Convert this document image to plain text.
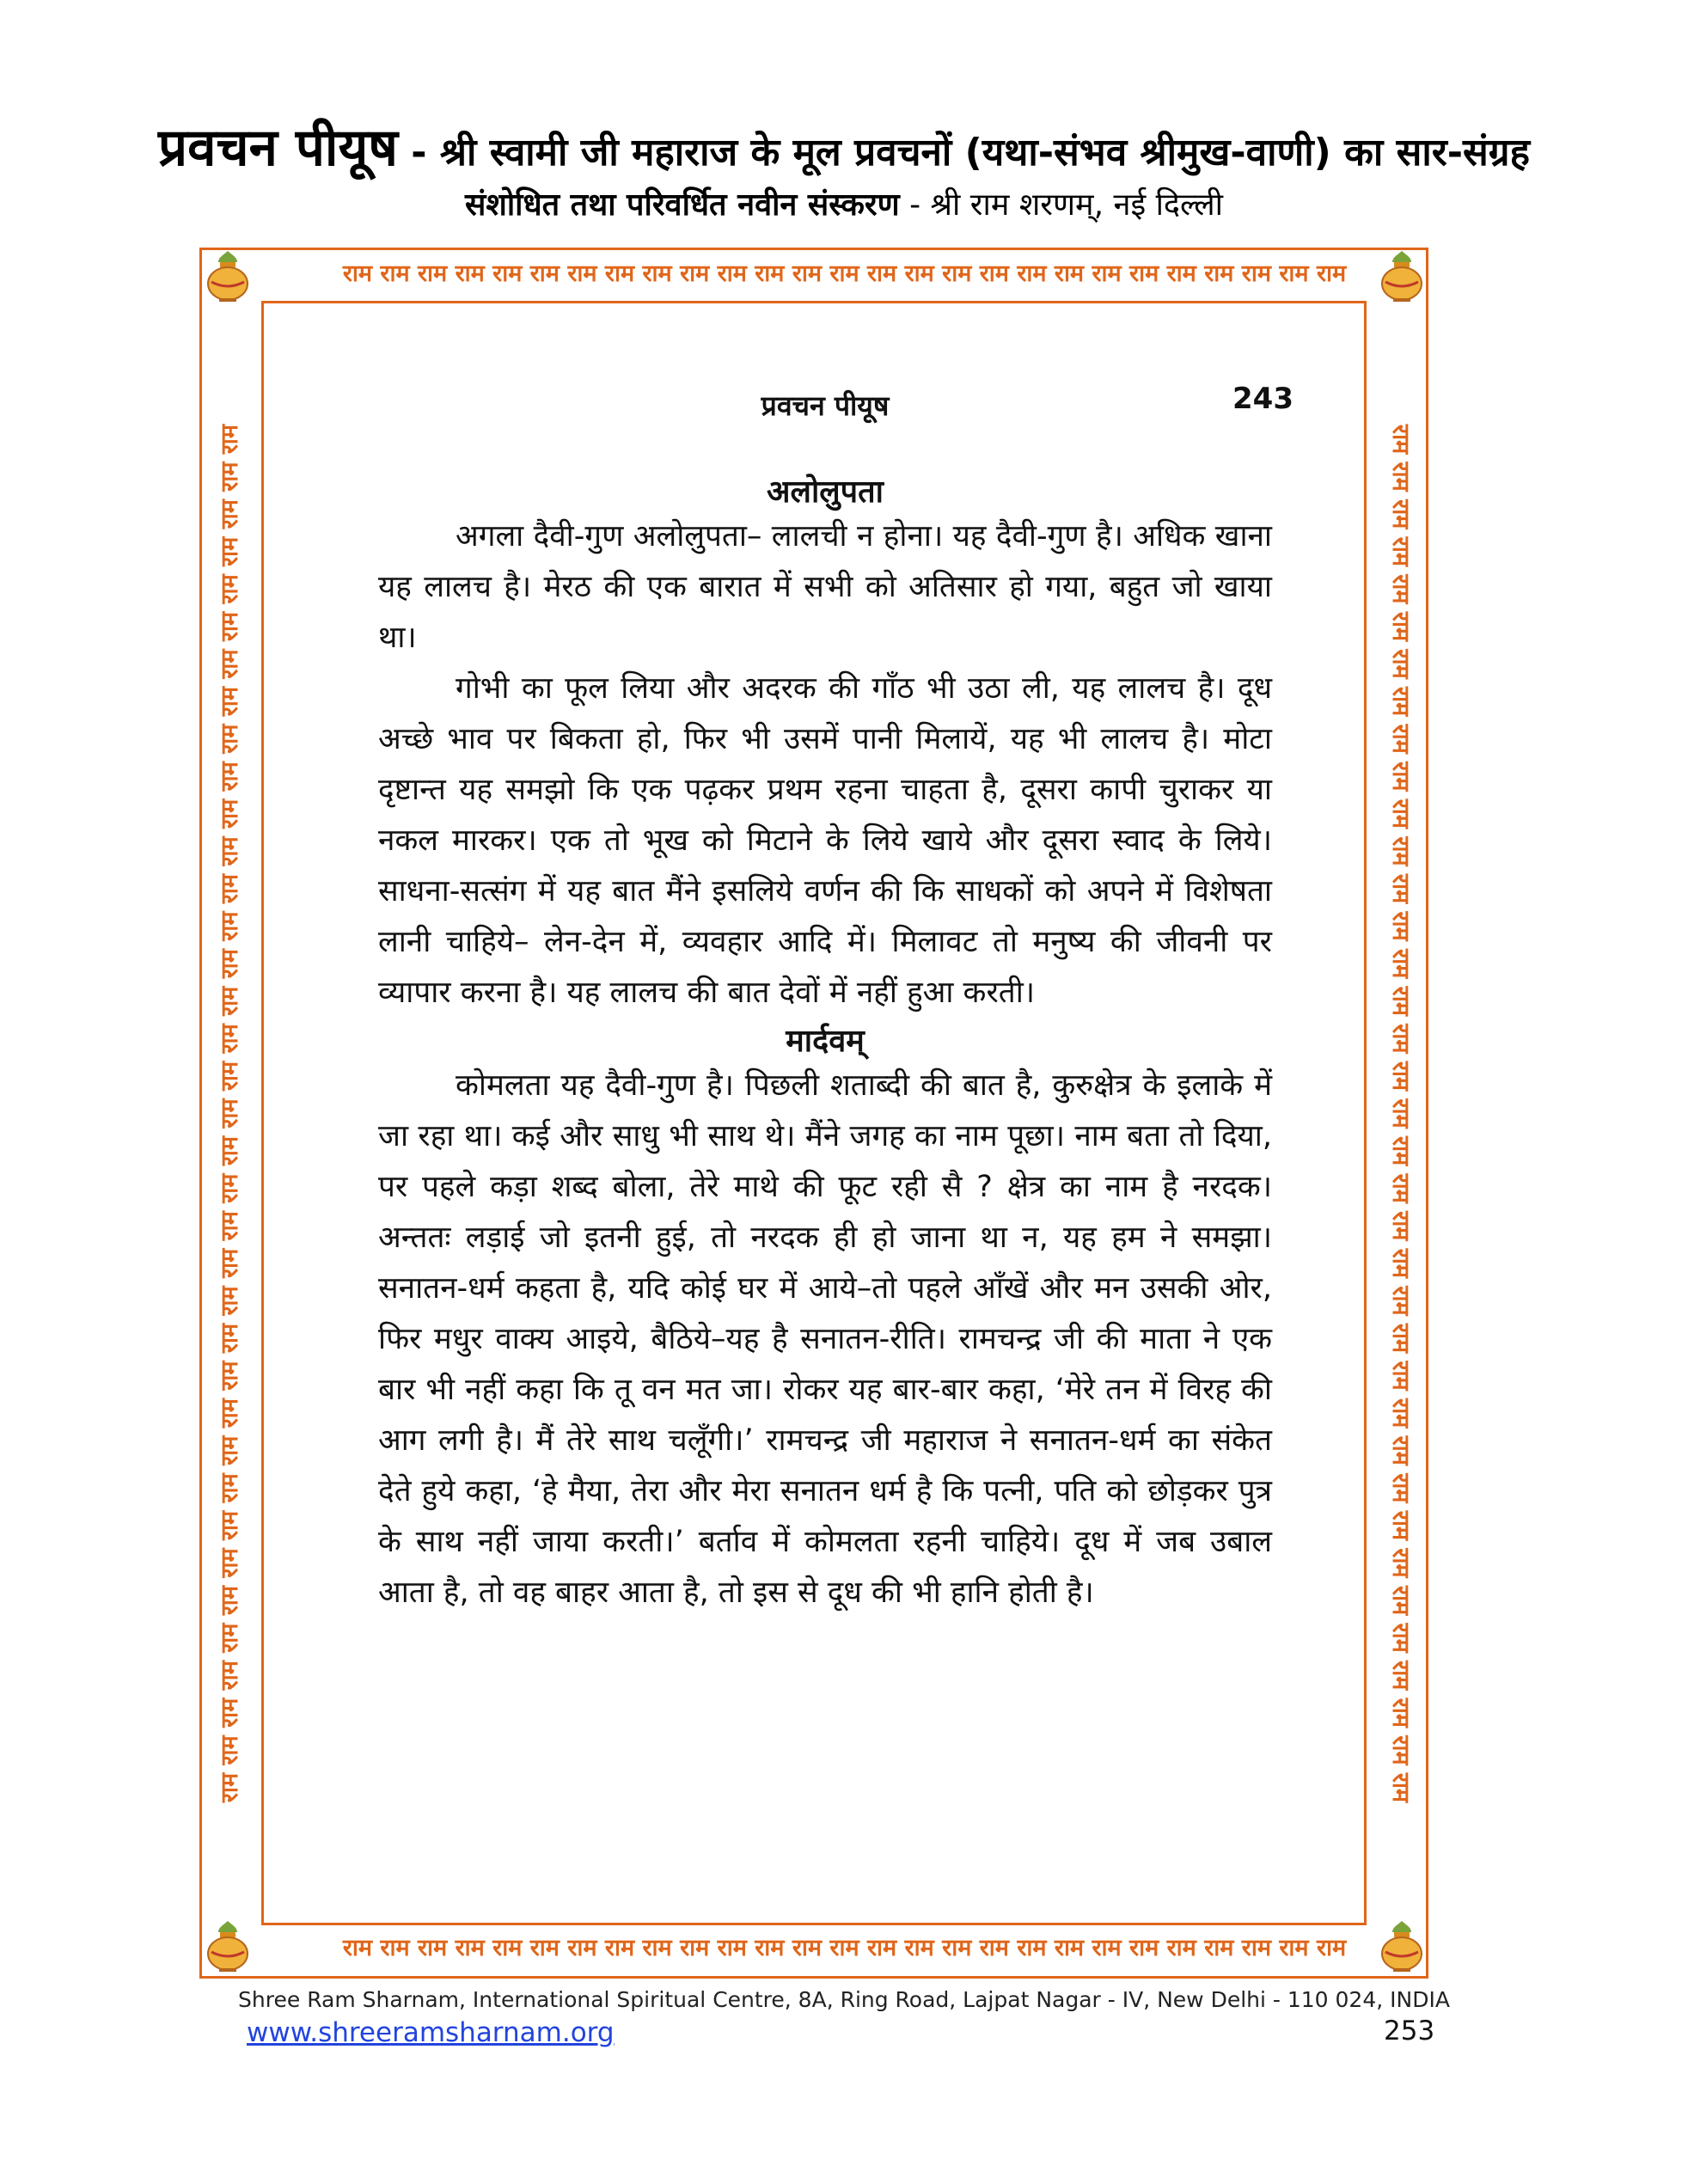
प्रवचन पीयूष - श्री स्वामी जी महाराज के मूल प्रवचनों (यथा-संभव श्रीमुख-वाणी) का सार-संग्रह
संशोधित तथा परिवर्धित नवीन संस्करण - श्री राम शरणम्, नई दिल्ली
राम राम राम राम राम राम राम राम राम राम राम राम राम राम राम राम राम राम राम राम राम राम राम राम राम राम राम
राम राम राम राम राम राम राम राम राम राम राम राम राम राम राम राम राम राम राम राम राम राम राम राम राम राम राम
राम राम राम राम राम राम राम राम राम राम राम राम राम राम राम राम राम राम राम राम राम राम राम राम राम राम राम राम राम राम राम राम राम राम राम राम राम	राम राम राम राम राम राम राम राम राम राम राम राम राम राम राम राम राम राम राम राम राम राम राम राम राम राम राम राम राम राम राम राम राम राम राम राम राम
प्रवचन पीयूष	243
अलोलुपता

अगला दैवी-गुण अलोलुपता– लालची न होना। यह दैवी-गुण है। अधिक खाना यह लालच है। मेरठ की एक बारात में सभी को अतिसार हो गया, बहुत जो खाया था।

गोभी का फूल लिया और अदरक की गाँठ भी उठा ली, यह लालच है। दूध अच्छे भाव पर बिकता हो, फिर भी उसमें पानी मिलायें, यह भी लालच है। मोटा दृष्टान्त यह समझो कि एक पढ़कर प्रथम रहना चाहता है, दूसरा कापी चुराकर या नकल मारकर। एक तो भूख को मिटाने के लिये खाये और दूसरा स्वाद के लिये। साधना-सत्संग में यह बात मैंने इसलिये वर्णन की कि साधकों को अपने में विशेषता लानी चाहिये– लेन-देन में, व्यवहार आदि में। मिलावट तो मनुष्य की जीवनी पर व्यापार करना है। यह लालच की बात देवों में नहीं हुआ करती।

मार्दवम्

कोमलता यह दैवी-गुण है। पिछली शताब्दी की बात है, कुरुक्षेत्र के इलाके में जा रहा था। कई और साधु भी साथ थे। मैंने जगह का नाम पूछा। नाम बता तो दिया, पर पहले कड़ा शब्द बोला, तेरे माथे की फूट रही सै ? क्षेत्र का नाम है नरदक। अन्ततः लड़ाई जो इतनी हुई, तो नरदक ही हो जाना था न, यह हम ने समझा। सनातन-धर्म कहता है, यदि कोई घर में आये–तो पहले आँखें और मन उसकी ओर, फिर मधुर वाक्य आइये, बैठिये–यह है सनातन-रीति। रामचन्द्र जी की माता ने एक बार भी नहीं कहा कि तू वन मत जा। रोकर यह बार-बार कहा, ‘मेरे तन में विरह की आग लगी है। मैं तेरे साथ चलूँगी।’ रामचन्द्र जी महाराज ने सनातन-धर्म का संकेत देते हुये कहा, ‘हे मैया, तेरा और मेरा सनातन धर्म है कि पत्नी, पति को छोड़कर पुत्र के साथ नहीं जाया करती।’ बर्ताव में कोमलता रहनी चाहिये। दूध में जब उबाल आता है, तो वह बाहर आता है, तो इस से दूध की भी हानि होती है।

Shree Ram Sharnam, International Spiritual Centre, 8A, Ring Road, Lajpat Nagar - IV, New Delhi - 110 024, INDIA
www.shreeramsharnam.org	253
